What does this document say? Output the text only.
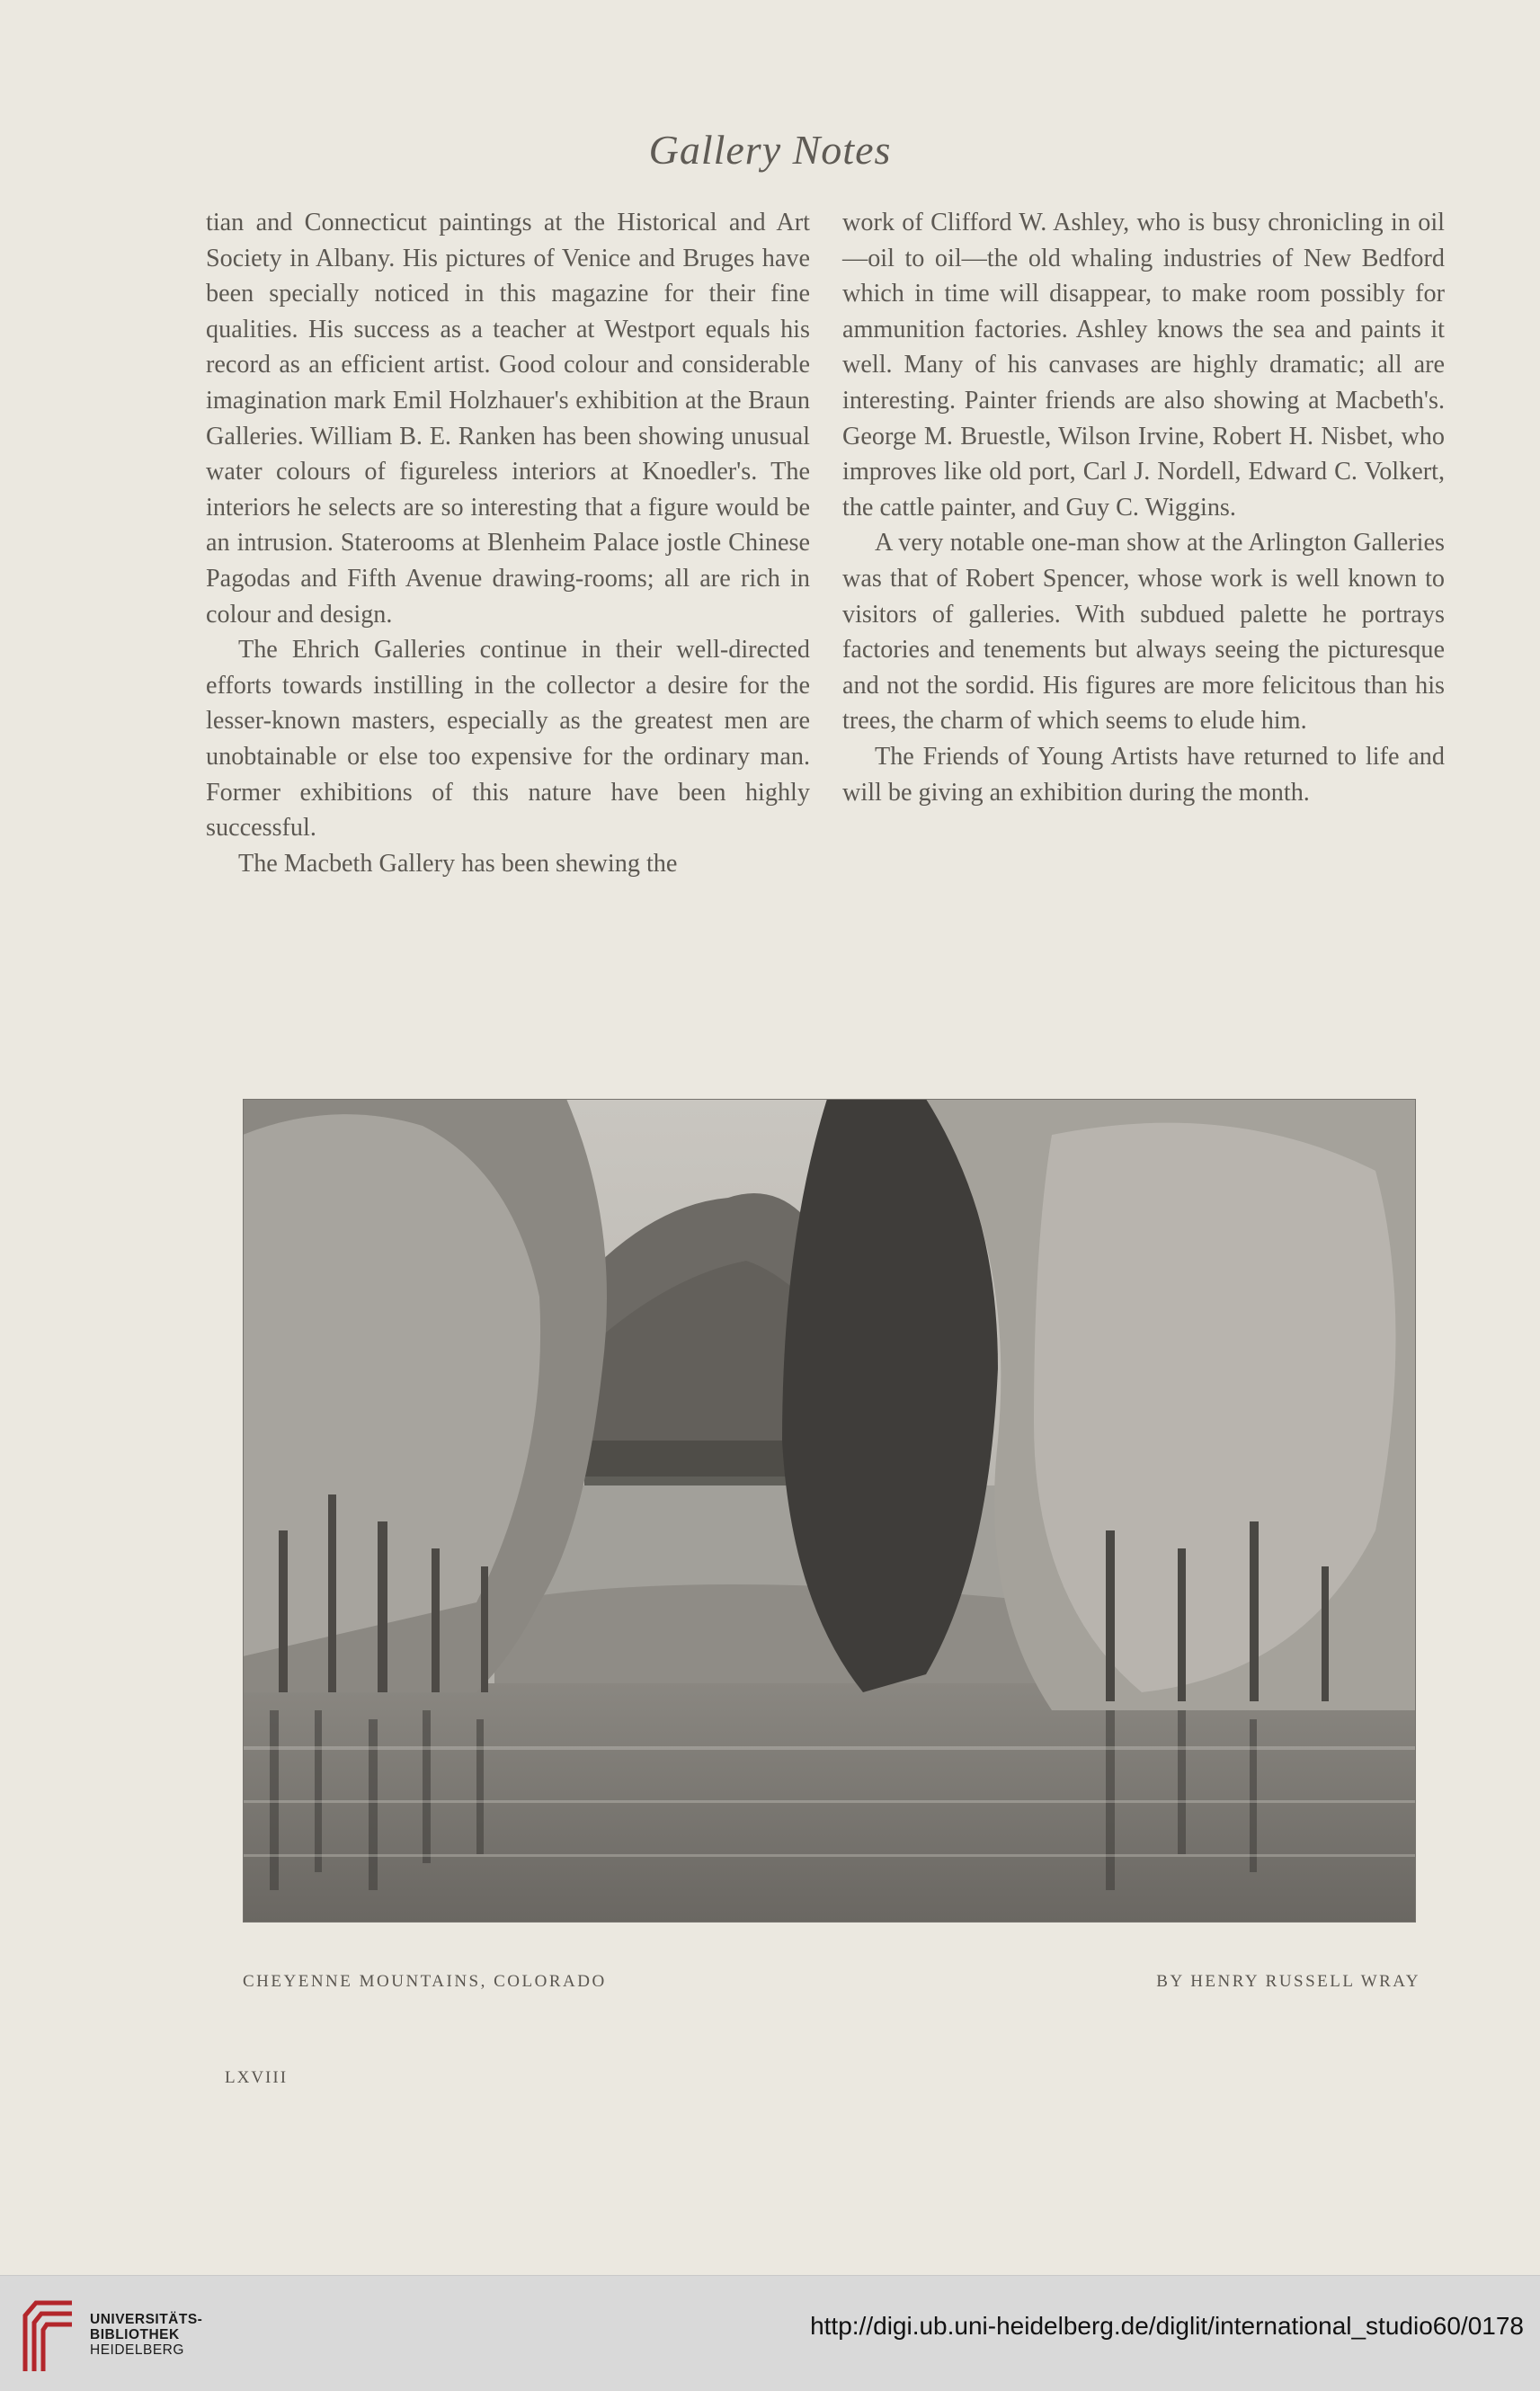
Gallery Notes

tian and Connecticut paintings at the Historical and Art Society in Albany. His pictures of Venice and Bruges have been specially noticed in this magazine for their fine qualities. His success as a teacher at Westport equals his record as an efficient artist. Good colour and considerable imagination mark Emil Holzhauer's exhibition at the Braun Galleries. William B. E. Ranken has been showing unusual water colours of figureless interiors at Knoedler's. The interiors he selects are so interesting that a figure would be an intrusion. Staterooms at Blenheim Palace jostle Chinese Pagodas and Fifth Avenue drawing-rooms; all are rich in colour and design.

The Ehrich Galleries continue in their well-directed efforts towards instilling in the collector a desire for the lesser-known masters, especially as the greatest men are unobtainable or else too expensive for the ordinary man. Former exhibitions of this nature have been highly successful.

The Macbeth Gallery has been shewing the

work of Clifford W. Ashley, who is busy chronicling in oil—oil to oil—the old whaling industries of New Bedford which in time will disappear, to make room possibly for ammunition factories. Ashley knows the sea and paints it well. Many of his canvases are highly dramatic; all are interesting. Painter friends are also showing at Macbeth's. George M. Bruestle, Wilson Irvine, Robert H. Nisbet, who improves like old port, Carl J. Nordell, Edward C. Volkert, the cattle painter, and Guy C. Wiggins.

A very notable one-man show at the Arlington Galleries was that of Robert Spencer, whose work is well known to visitors of galleries. With subdued palette he portrays factories and tenements but always seeing the picturesque and not the sordid. His figures are more felicitous than his trees, the charm of which seems to elude him.

The Friends of Young Artists have returned to life and will be giving an exhibition during the month.

CHEYENNE MOUNTAINS, COLORADO	BY HENRY RUSSELL WRAY
LXVIII
UNIVERSITÄTS-
BIBLIOTHEK
HEIDELBERG
http://digi.ub.uni-heidelberg.de/diglit/international_studio60/0178
